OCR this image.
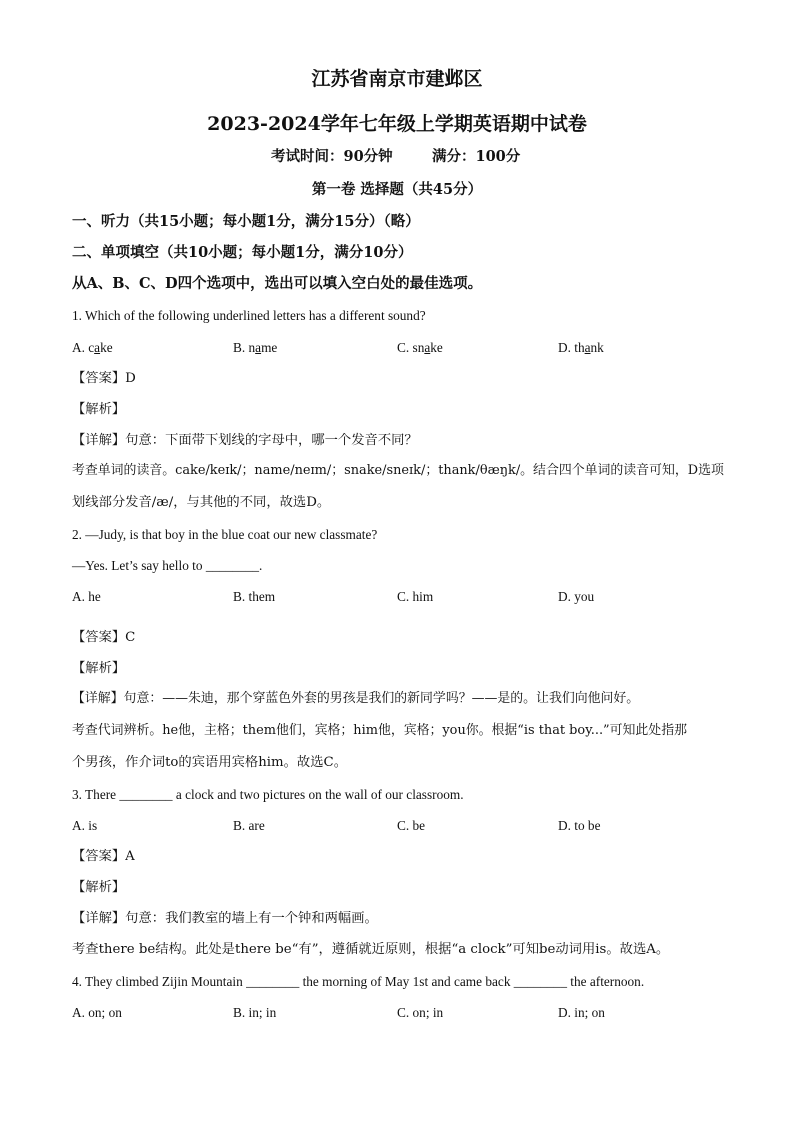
江苏省南京市建邺区
2023-2024学年七年级上学期英语期中试卷
考试时间：90分钟	满分：100分
第一卷 选择题（共45分）
一、听力（共15小题；每小题1分，满分15分）（略）
二、单项填空（共10小题；每小题1分，满分10分）
从A、B、C、D四个选项中，选出可以填入空白处的最佳选项。
1. Which of the following underlined letters has a different sound?
A. cake	B. name	C. snake	D. thank
【答案】D
【解析】
【详解】句意：下面带下划线的字母中，哪一个发音不同？
考查单词的读音。cake/keɪk/；name/neɪm/；snake/sneɪk/；thank/θæŋk/。结合四个单词的读音可知，D选项
划线部分发音/æ/，与其他的不同，故选D。
2. —Judy, is that boy in the blue coat our new classmate?
—Yes. Let’s say hello to ________.
A. he	B. them	C. him	D. you
【答案】C
【解析】
【详解】句意：——朱迪，那个穿蓝色外套的男孩是我们的新同学吗？——是的。让我们向他问好。
考查代词辨析。he他，主格；them他们，宾格；him他，宾格；you你。根据“is that boy...”可知此处指那
个男孩，作介词to的宾语用宾格him。故选C。
3. There ________ a clock and two pictures on the wall of our classroom.
A. is	B. are	C. be	D. to be
【答案】A
【解析】
【详解】句意：我们教室的墙上有一个钟和两幅画。
考查there be结构。此处是there be“有”，遵循就近原则，根据“a clock”可知be动词用is。故选A。
4. They climbed Zijin Mountain ________ the morning of May 1st and came back ________ the afternoon.
A. on; on	B. in; in	C. on; in	D. in; on
